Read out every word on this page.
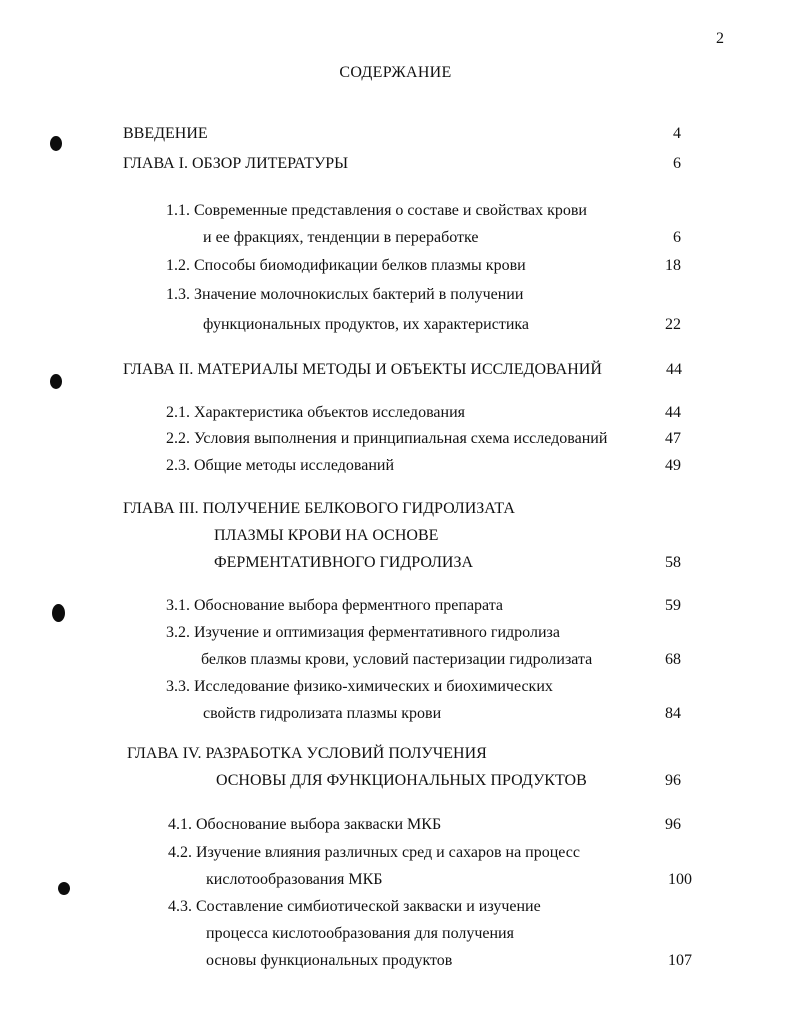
2
СОДЕРЖАНИЕ
ВВЕДЕНИЕ	4
ГЛАВА I. ОБЗОР ЛИТЕРАТУРЫ	6
1.1. Современные представления о составе и свойствах крови
и ее фракциях, тенденции в переработке	6
1.2. Способы биомодификации белков плазмы крови	18
1.3. Значение молочнокислых бактерий в получении
функциональных продуктов, их характеристика	22
ГЛАВА II. МАТЕРИАЛЫ МЕТОДЫ И ОБЪЕКТЫ ИССЛЕДОВАНИЙ	44
2.1. Характеристика объектов исследования	44
2.2. Условия выполнения и принципиальная схема исследований	47
2.3. Общие методы исследований	49
ГЛАВА III. ПОЛУЧЕНИЕ БЕЛКОВОГО ГИДРОЛИЗАТА
ПЛАЗМЫ КРОВИ НА ОСНОВЕ
ФЕРМЕНТАТИВНОГО ГИДРОЛИЗА	58
3.1. Обоснование выбора ферментного препарата	59
3.2. Изучение и оптимизация ферментативного гидролиза
белков плазмы крови, условий пастеризации гидролизата	68
3.3. Исследование физико-химических и биохимических
свойств гидролизата плазмы крови	84
ГЛАВА IV. РАЗРАБОТКА УСЛОВИЙ ПОЛУЧЕНИЯ
ОСНОВЫ ДЛЯ ФУНКЦИОНАЛЬНЫХ ПРОДУКТОВ	96
4.1. Обоснование выбора закваски МКБ	96
4.2. Изучение влияния различных сред и сахаров на процесс
кислотообразования МКБ	100
4.3. Составление симбиотической закваски и изучение
процесса кислотообразования для получения
основы функциональных продуктов	107
